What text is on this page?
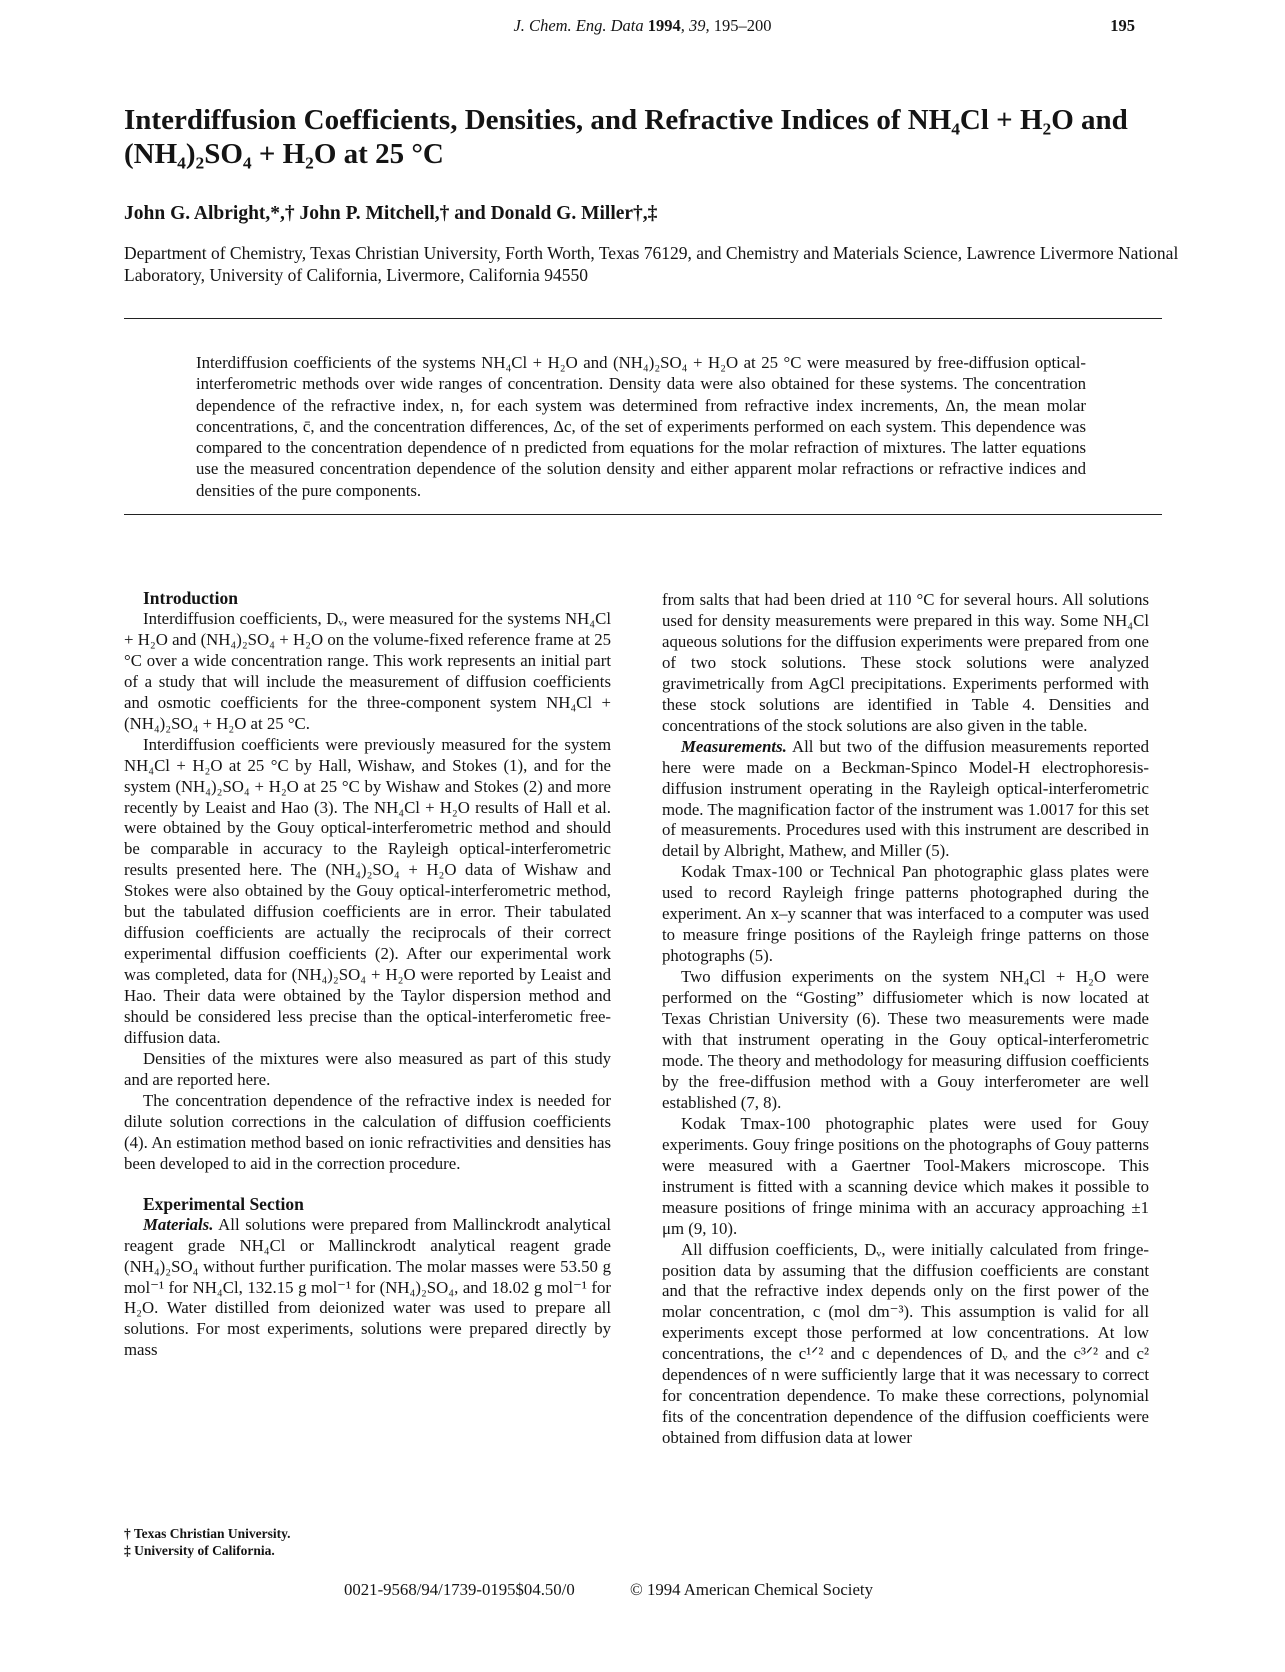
J. Chem. Eng. Data 1994, 39, 195–200	195
Interdiffusion Coefficients, Densities, and Refractive Indices of NH₄Cl + H₂O and (NH₄)₂SO₄ + H₂O at 25 °C
John G. Albright,*,† John P. Mitchell,† and Donald G. Miller†,‡
Department of Chemistry, Texas Christian University, Forth Worth, Texas 76129, and Chemistry and Materials Science, Lawrence Livermore National Laboratory, University of California, Livermore, California 94550
Interdiffusion coefficients of the systems NH₄Cl + H₂O and (NH₄)₂SO₄ + H₂O at 25 °C were measured by free-diffusion optical-interferometric methods over wide ranges of concentration. Density data were also obtained for these systems. The concentration dependence of the refractive index, n, for each system was determined from refractive index increments, Δn, the mean molar concentrations, c̄, and the concentration differences, Δc, of the set of experiments performed on each system. This dependence was compared to the concentration dependence of n predicted from equations for the molar refraction of mixtures. The latter equations use the measured concentration dependence of the solution density and either apparent molar refractions or refractive indices and densities of the pure components.

Introduction

Interdiffusion coefficients, Dᵥ, were measured for the systems NH₄Cl + H₂O and (NH₄)₂SO₄ + H₂O on the volume-fixed reference frame at 25 °C over a wide concentration range. This work represents an initial part of a study that will include the measurement of diffusion coefficients and osmotic coefficients for the three-component system NH₄Cl + (NH₄)₂SO₄ + H₂O at 25 °C.

Interdiffusion coefficients were previously measured for the system NH₄Cl + H₂O at 25 °C by Hall, Wishaw, and Stokes (1), and for the system (NH₄)₂SO₄ + H₂O at 25 °C by Wishaw and Stokes (2) and more recently by Leaist and Hao (3). The NH₄Cl + H₂O results of Hall et al. were obtained by the Gouy optical-interferometric method and should be comparable in accuracy to the Rayleigh optical-interferometric results presented here. The (NH₄)₂SO₄ + H₂O data of Wishaw and Stokes were also obtained by the Gouy optical-interferometric method, but the tabulated diffusion coefficients are in error. Their tabulated diffusion coefficients are actually the reciprocals of their correct experimental diffusion coefficients (2). After our experimental work was completed, data for (NH₄)₂SO₄ + H₂O were reported by Leaist and Hao. Their data were obtained by the Taylor dispersion method and should be considered less precise than the optical-interferometic free-diffusion data.

Densities of the mixtures were also measured as part of this study and are reported here.

The concentration dependence of the refractive index is needed for dilute solution corrections in the calculation of diffusion coefficients (4). An estimation method based on ionic refractivities and densities has been developed to aid in the correction procedure.

Experimental Section

Materials. All solutions were prepared from Mallinckrodt analytical reagent grade NH₄Cl or Mallinckrodt analytical reagent grade (NH₄)₂SO₄ without further purification. The molar masses were 53.50 g mol⁻¹ for NH₄Cl, 132.15 g mol⁻¹ for (NH₄)₂SO₄, and 18.02 g mol⁻¹ for H₂O. Water distilled from deionized water was used to prepare all solutions. For most experiments, solutions were prepared directly by mass

from salts that had been dried at 110 °C for several hours. All solutions used for density measurements were prepared in this way. Some NH₄Cl aqueous solutions for the diffusion experiments were prepared from one of two stock solutions. These stock solutions were analyzed gravimetrically from AgCl precipitations. Experiments performed with these stock solutions are identified in Table 4. Densities and concentrations of the stock solutions are also given in the table.

Measurements. All but two of the diffusion measurements reported here were made on a Beckman-Spinco Model-H electrophoresis-diffusion instrument operating in the Rayleigh optical-interferometric mode. The magnification factor of the instrument was 1.0017 for this set of measurements. Procedures used with this instrument are described in detail by Albright, Mathew, and Miller (5).

Kodak Tmax-100 or Technical Pan photographic glass plates were used to record Rayleigh fringe patterns photographed during the experiment. An x–y scanner that was interfaced to a computer was used to measure fringe positions of the Rayleigh fringe patterns on those photographs (5).

Two diffusion experiments on the system NH₄Cl + H₂O were performed on the “Gosting” diffusiometer which is now located at Texas Christian University (6). These two measurements were made with that instrument operating in the Gouy optical-interferometric mode. The theory and methodology for measuring diffusion coefficients by the free-diffusion method with a Gouy interferometer are well established (7, 8).

Kodak Tmax-100 photographic plates were used for Gouy experiments. Gouy fringe positions on the photographs of Gouy patterns were measured with a Gaertner Tool-Makers microscope. This instrument is fitted with a scanning device which makes it possible to measure positions of fringe minima with an accuracy approaching ±1 μm (9, 10).

All diffusion coefficients, Dᵥ, were initially calculated from fringe-position data by assuming that the diffusion coefficients are constant and that the refractive index depends only on the first power of the molar concentration, c (mol dm⁻³). This assumption is valid for all experiments except those performed at low concentrations. At low concentrations, the c¹ᐟ² and c dependences of Dᵥ and the c³ᐟ² and c² dependences of n were sufficiently large that it was necessary to correct for concentration dependence. To make these corrections, polynomial fits of the concentration dependence of the diffusion coefficients were obtained from diffusion data at lower

† Texas Christian University.
‡ University of California.
0021-9568/94/1739-0195$04.50/0	© 1994 American Chemical Society
